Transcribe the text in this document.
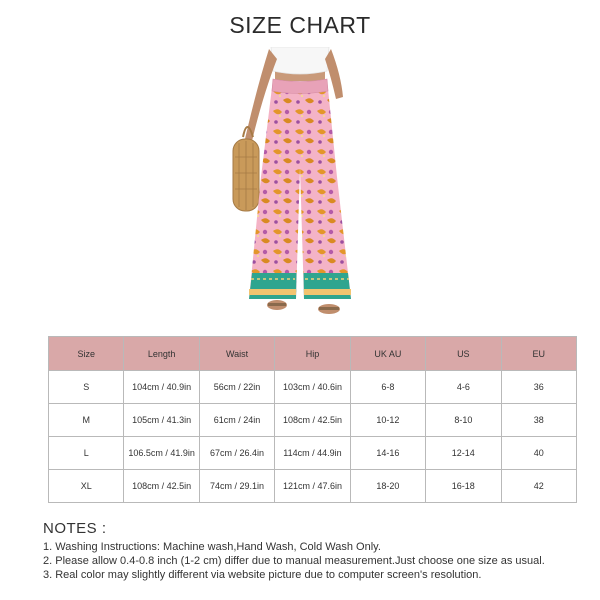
SIZE CHART
Size	Length	Waist	Hip	UK AU	US	EU
S	104cm / 40.9in	56cm / 22in	103cm / 40.6in	6-8	4-6	36
M	105cm / 41.3in	61cm / 24in	108cm / 42.5in	10-12	8-10	38
L	106.5cm / 41.9in	67cm / 26.4in	114cm / 44.9in	14-16	12-14	40
XL	108cm / 42.5in	74cm / 29.1in	121cm / 47.6in	18-20	16-18	42
NOTES :
1. Washing Instructions: Machine wash,Hand Wash, Cold Wash Only.
2. Please allow 0.4-0.8 inch (1-2 cm) differ due to manual measurement.Just choose one size as usual.
3. Real color may slightly different via website picture due to computer screen's resolution.
